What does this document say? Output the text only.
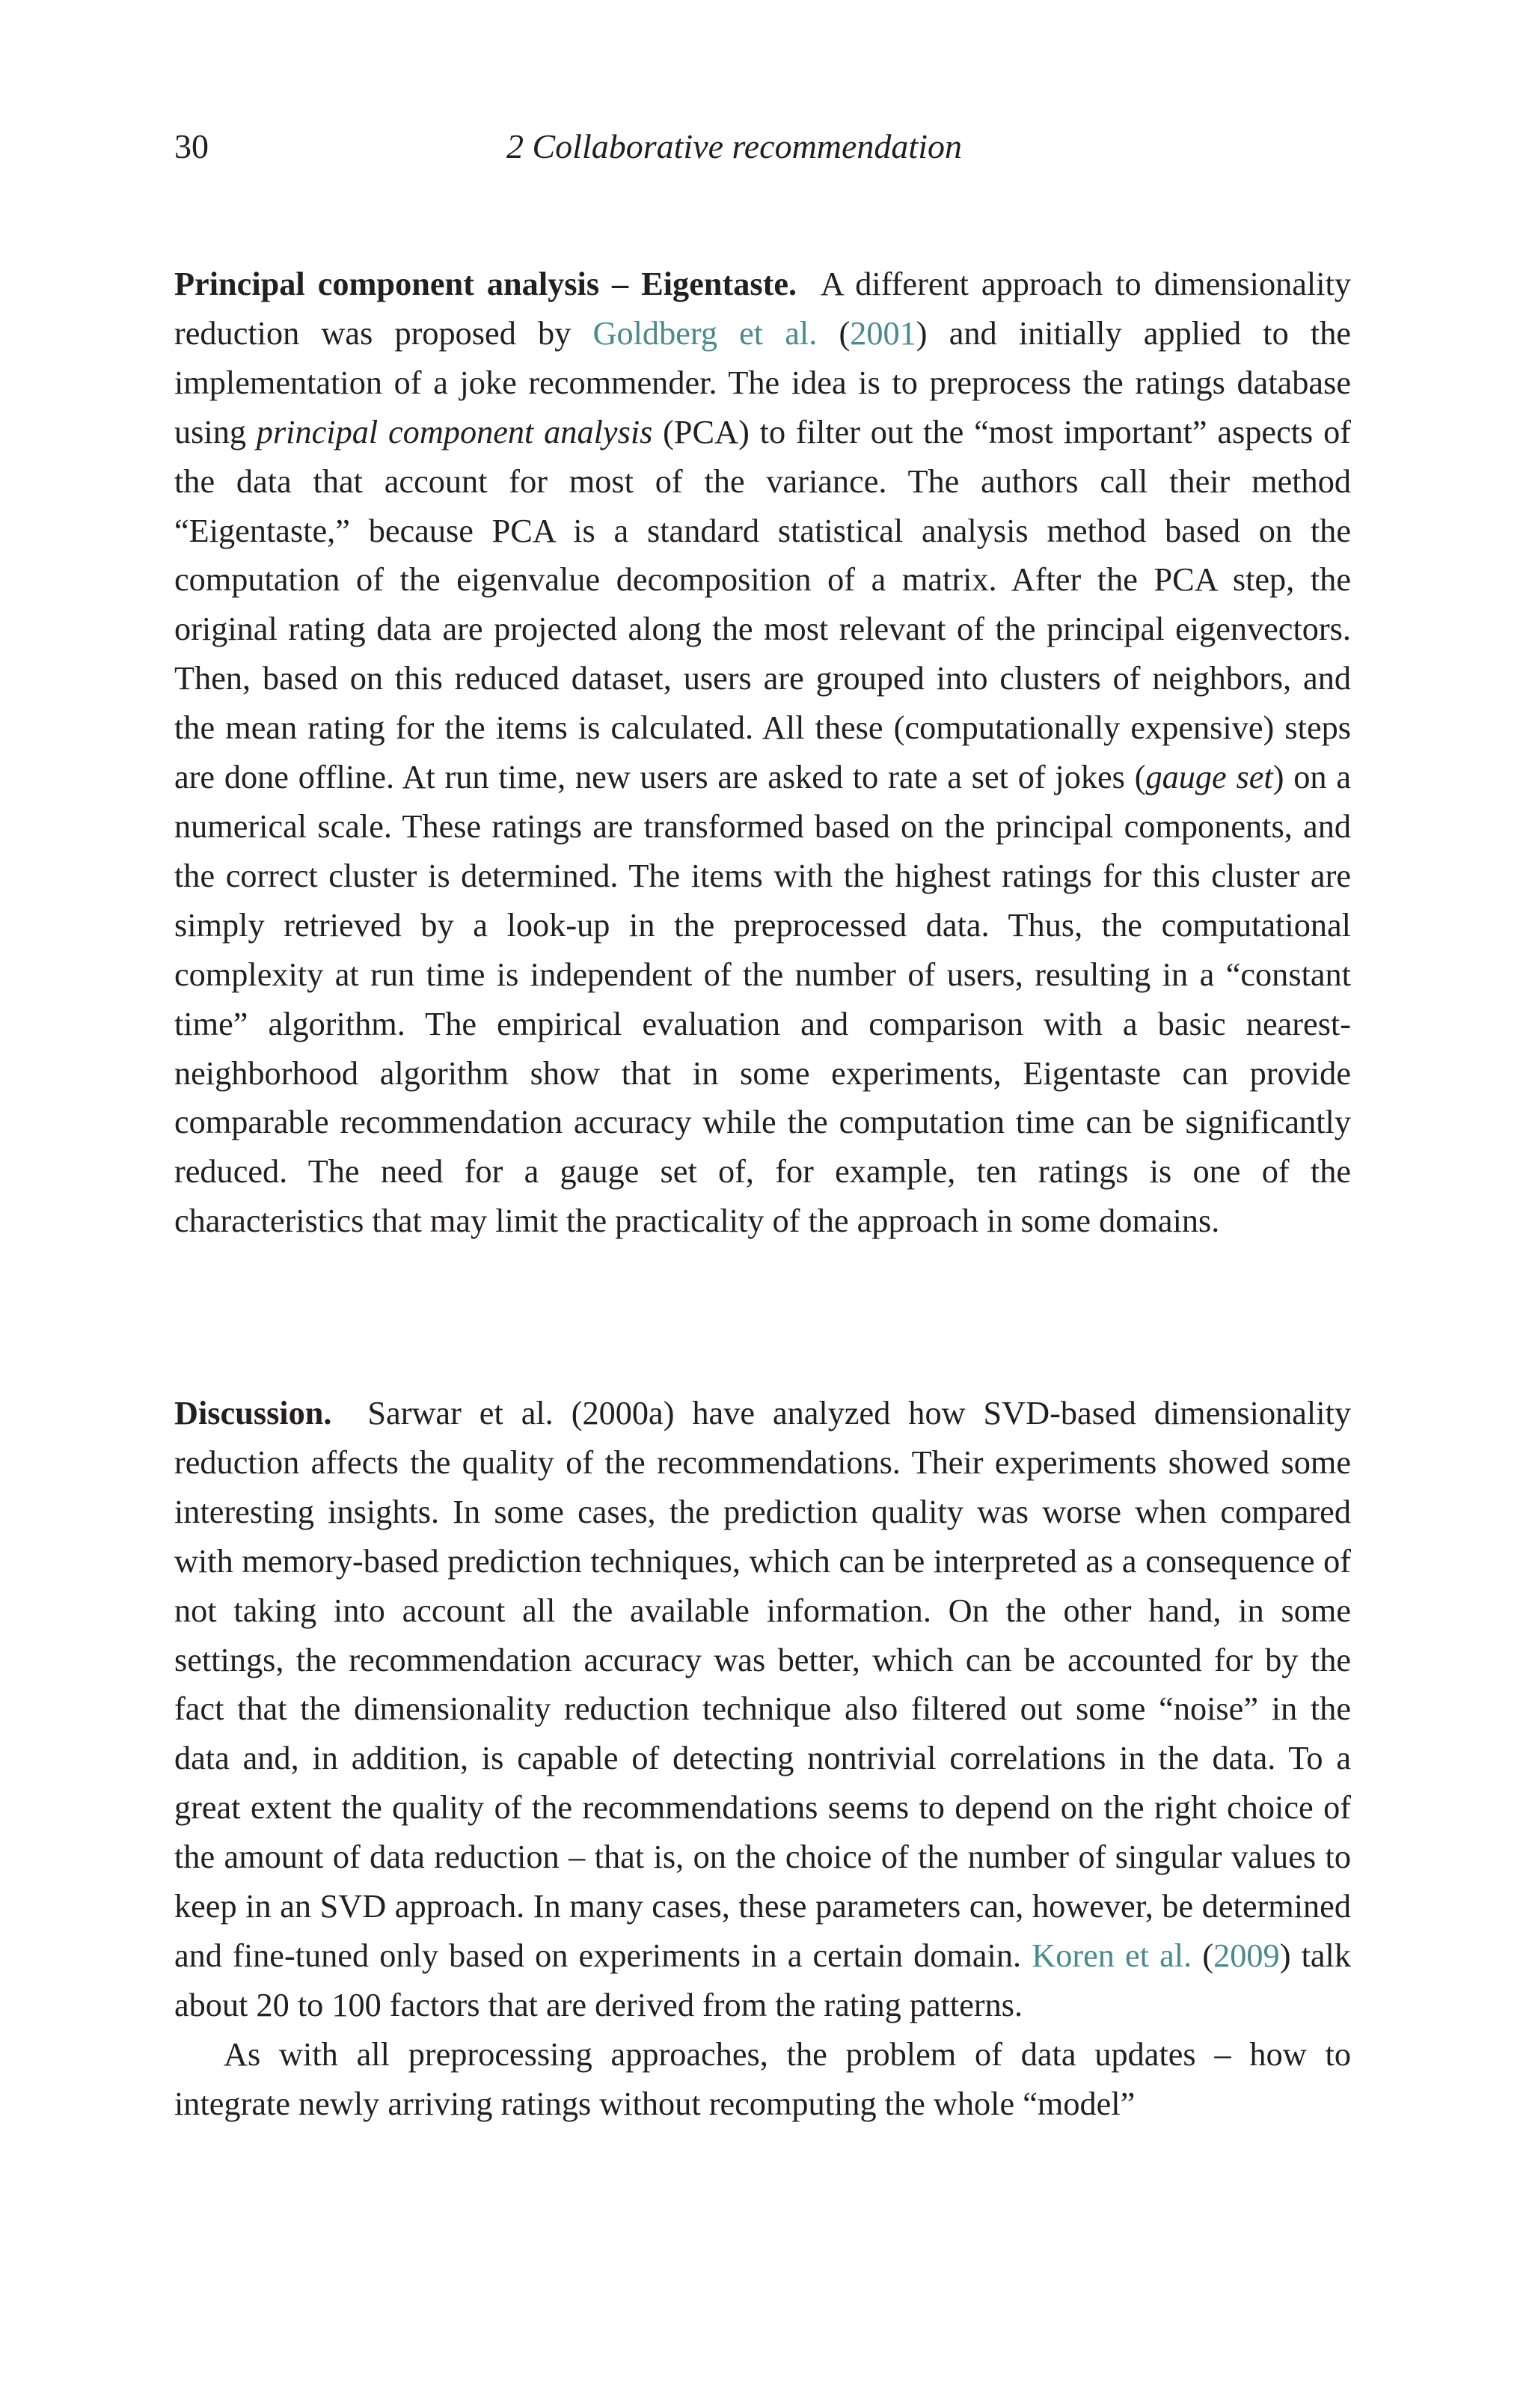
30	2 Collaborative recommendation

Principal component analysis – Eigentaste. A different approach to dimensionality reduction was proposed by Goldberg et al. (2001) and initially applied to the implementation of a joke recommender. The idea is to preprocess the ratings database using principal component analysis (PCA) to filter out the “most important” aspects of the data that account for most of the variance. The authors call their method “Eigentaste,” because PCA is a standard statistical analysis method based on the computation of the eigenvalue decomposition of a matrix. After the PCA step, the original rating data are projected along the most relevant of the principal eigenvectors. Then, based on this reduced dataset, users are grouped into clusters of neighbors, and the mean rating for the items is calculated. All these (computationally expensive) steps are done offline. At run time, new users are asked to rate a set of jokes (gauge set) on a numerical scale. These ratings are transformed based on the principal components, and the correct cluster is determined. The items with the highest ratings for this cluster are simply retrieved by a look-up in the preprocessed data. Thus, the computational complexity at run time is independent of the number of users, resulting in a “constant time” algorithm. The empirical evaluation and comparison with a basic nearest-neighborhood algorithm show that in some experiments, Eigentaste can provide comparable recommendation accuracy while the computation time can be significantly reduced. The need for a gauge set of, for example, ten ratings is one of the characteristics that may limit the practicality of the approach in some domains.

Discussion. Sarwar et al. (2000a) have analyzed how SVD-based dimensionality reduction affects the quality of the recommendations. Their experiments showed some interesting insights. In some cases, the prediction quality was worse when compared with memory-based prediction techniques, which can be interpreted as a consequence of not taking into account all the available information. On the other hand, in some settings, the recommendation accuracy was better, which can be accounted for by the fact that the dimensionality reduction technique also filtered out some “noise” in the data and, in addition, is capable of detecting nontrivial correlations in the data. To a great extent the quality of the recommendations seems to depend on the right choice of the amount of data reduction – that is, on the choice of the number of singular values to keep in an SVD approach. In many cases, these parameters can, however, be determined and fine-tuned only based on experiments in a certain domain. Koren et al. (2009) talk about 20 to 100 factors that are derived from the rating patterns.

As with all preprocessing approaches, the problem of data updates – how to integrate newly arriving ratings without recomputing the whole “model”
